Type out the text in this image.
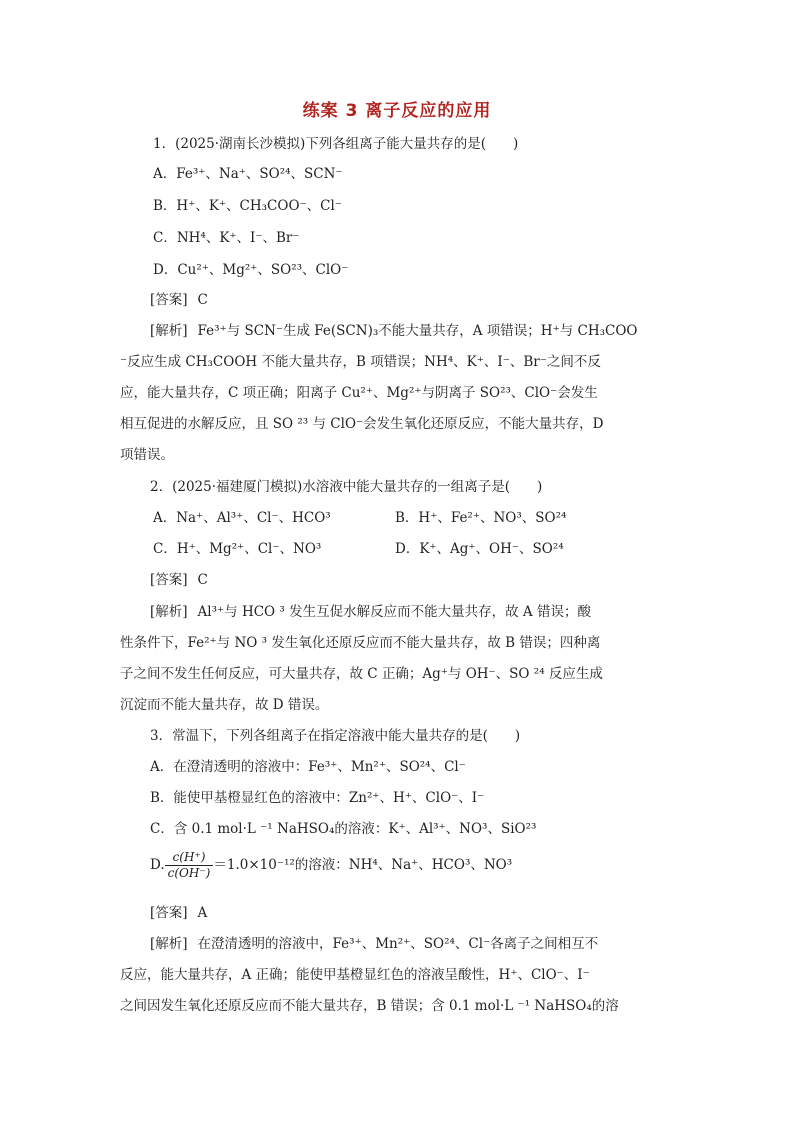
练案 3 离子反应的应用
1．(2025·湖南长沙模拟)下列各组离子能大量共存的是(　　)
A．Fe³⁺、Na⁺、SO²⁴、SCN⁻
B．H⁺、K⁺、CH₃COO⁻、Cl⁻
C．NH⁴、K⁺、I⁻、Br⁻
D．Cu²⁺、Mg²⁺、SO²³、ClO⁻
[答案] C
[解析] Fe³⁺与 SCN⁻生成 Fe(SCN)₃不能大量共存，A 项错误；H⁺与 CH₃COO
⁻反应生成 CH₃COOH 不能大量共存，B 项错误；NH⁴、K⁺、I⁻、Br⁻之间不反
应，能大量共存，C 项正确；阳离子 Cu²⁺、Mg²⁺与阴离子 SO²³、ClO⁻会发生
相互促进的水解反应，且 SO ²³ 与 ClO⁻会发生氧化还原反应，不能大量共存，D
项错误。
2．(2025·福建厦门模拟)水溶液中能大量共存的一组离子是(　　)
A．Na⁺、Al³⁺、Cl⁻、HCO³	B．H⁺、Fe²⁺、NO³、SO²⁴
C．H⁺、Mg²⁺、Cl⁻、NO³	D．K⁺、Ag⁺、OH⁻、SO²⁴
[答案] C
[解析] Al³⁺与 HCO ³ 发生互促水解反应而不能大量共存，故 A 错误；酸
性条件下，Fe²⁺与 NO ³ 发生氧化还原反应而不能大量共存，故 B 错误；四种离
子之间不发生任何反应，可大量共存，故 C 正确；Ag⁺与 OH⁻、SO ²⁴ 反应生成
沉淀而不能大量共存，故 D 错误。
3．常温下，下列各组离子在指定溶液中能大量共存的是(　　)
A．在澄清透明的溶液中：Fe³⁺、Mn²⁺、SO²⁴、Cl⁻
B．能使甲基橙显红色的溶液中：Zn²⁺、H⁺、ClO⁻、I⁻
C．含 0.1 mol·L ⁻¹ NaHSO₄的溶液：K⁺、Al³⁺、NO³、SiO²³
D. $\frac{c(H^+)}{c(OH^-)} =1.0\times 10^{-12}$的溶液：NH⁴、Na⁺、HCO³、NO³
[答案] A
[解析] 在澄清透明的溶液中，Fe³⁺、Mn²⁺、SO²⁴、Cl⁻各离子之间相互不
反应，能大量共存，A 正确；能使甲基橙显红色的溶液呈酸性，H⁺、ClO⁻、I⁻
之间因发生氧化还原反应而不能大量共存，B 错误；含 0.1 mol·L ⁻¹ NaHSO₄的溶
